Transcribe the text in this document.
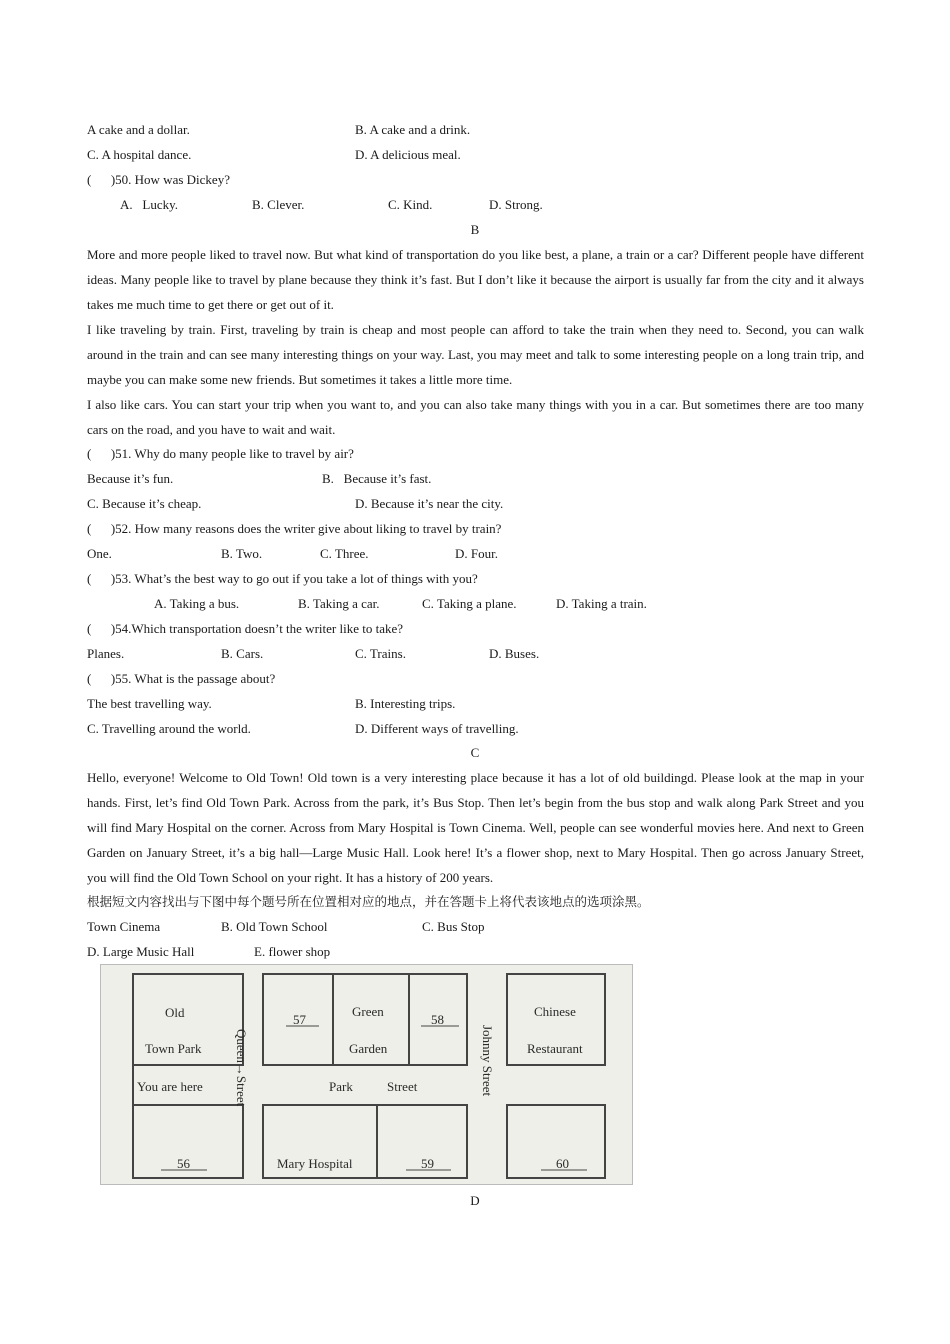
A cake and a dollar.	B. A cake and a drink.
C. A hospital dance.	D. A delicious meal.
(      )50. How was Dickey?
A.   Lucky.	B. Clever.	C. Kind.	D. Strong.
B
More and more people liked to travel now. But what kind of transportation do you like best, a plane, a train or a car? Different people have different ideas. Many people like to travel by plane because they think it’s fast. But I don’t like it because the airport is usually far from the city and it always takes me much time to get there or get out of it.
I like traveling by train. First, traveling by train is cheap and most people can afford to take the train when they need to. Second, you can walk around in the train and can see many interesting things on your way. Last, you may meet and talk to some interesting people on a long train trip, and maybe you can make some new friends. But sometimes it takes a little more time.
I also like cars. You can start your trip when you want to, and you can also take many things with you in a car. But sometimes there are too many cars on the road, and you have to wait and wait.
(      )51. Why do many people like to travel by air?
Because it’s fun.	B.   Because it’s fast.
C. Because it’s cheap.	D. Because it’s near the city.
(      )52. How many reasons does the writer give about liking to travel by train?
One.	B. Two.	C. Three.	D. Four.
(      )53. What’s the best way to go out if you take a lot of things with you?
A. Taking a bus.	B. Taking a car.	C. Taking a plane.	D. Taking a train.
(      )54.Which transportation doesn’t the writer like to take?
Planes.	B. Cars.	C. Trains.	D. Buses.
(      )55. What is the passage about?
The best travelling way.	B. Interesting trips.
C. Travelling around the world.	D. Different ways of travelling.
C
Hello, everyone! Welcome to Old Town! Old town is a very interesting place because it has a lot of old buildingd. Please look at the map in your hands. First, let’s find Old Town Park. Across from the park, it’s Bus Stop. Then let’s begin from the bus stop and walk along Park Street and you will find Mary Hospital on the corner. Across from Mary Hospital is Town Cinema. Well, people can see wonderful movies here. And next to Green Garden on January Street, it’s a big hall—Large Music Hall. Look here! It’s a flower shop, next to Mary Hospital. Then go across January Street, you will find the Old Town School on your right. It has a history of 200 years.
根据短文内容找出与下图中每个题号所在位置相对应的地点，并在答题卡上将代表该地点的选项涂黑。
Town Cinema	B. Old Town School	C. Bus Stop
D. Large Music Hall	E. flower shop
Old
Town Park
Green
Garden
Chinese
Restaurant
You are here	Park	Street
Queen→Street	Johnny Street
Mary Hospital
57	58
56	59	60
D
